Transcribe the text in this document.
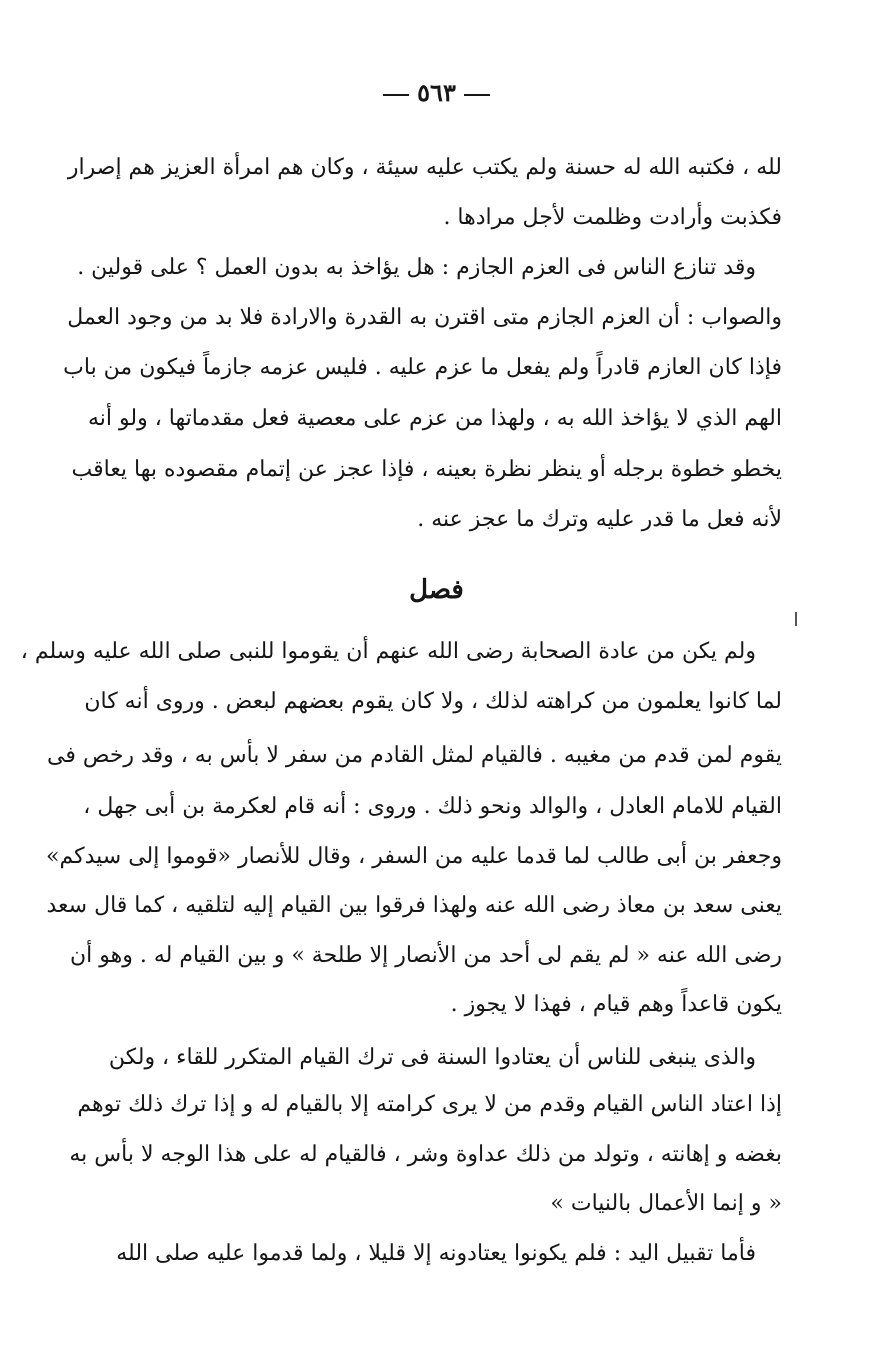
٥٦٣
لله ، فكتبه الله له حسنة ولم يكتب عليه سيئة ، وكان هم امرأة العزيز هم إصرار
فكذبت وأرادت وظلمت لأجل مرادها .
وقد تنازع الناس فى العزم الجازم : هل يؤاخذ به بدون العمل ؟ على قولين .
والصواب : أن العزم الجازم متى اقترن به القدرة والارادة فلا بد من وجود العمل
فإذا كان العازم قادراً ولم يفعل ما عزم عليه . فليس عزمه جازماً فيكون من باب
الهم الذي لا يؤاخذ الله به ، ولهذا من عزم على معصية فعل مقدماتها ، ولو أنه
يخطو خطوة برجله أو ينظر نظرة بعينه ، فإذا عجز عن إتمام مقصوده بها يعاقب
لأنه فعل ما قدر عليه وترك ما عجز عنه .
فصل
ولم يكن من عادة الصحابة رضى الله عنهم أن يقوموا للنبى صلى الله عليه وسلم ،
لما كانوا يعلمون من كراهته لذلك ، ولا كان يقوم بعضهم لبعض . وروى أنه كان
يقوم لمن قدم من مغيبه . فالقيام لمثل القادم من سفر لا بأس به ، وقد رخص فى
القيام للامام العادل ، والوالد ونحو ذلك . وروى : أنه قام لعكرمة بن أبى جهل ،
وجعفر بن أبى طالب لما قدما عليه من السفر ، وقال للأنصار «قوموا إلى سيدكم»
يعنى سعد بن معاذ رضى الله عنه ولهذا فرقوا بين القيام إليه لتلقيه ، كما قال سعد
رضى الله عنه « لم يقم لى أحد من الأنصار إلا طلحة » و بين القيام له . وهو أن
يكون قاعداً وهم قيام ، فهذا لا يجوز .
والذى ينبغى للناس أن يعتادوا السنة فى ترك القيام المتكرر للقاء ، ولكن
إذا اعتاد الناس القيام وقدم من لا يرى كرامته إلا بالقيام له و إذا ترك ذلك توهم
بغضه و إهانته ، وتولد من ذلك عداوة وشر ، فالقيام له على هذا الوجه لا بأس به
« و إنما الأعمال بالنيات »
فأما تقبيل اليد : فلم يكونوا يعتادونه إلا قليلا ، ولما قدموا عليه صلى الله
